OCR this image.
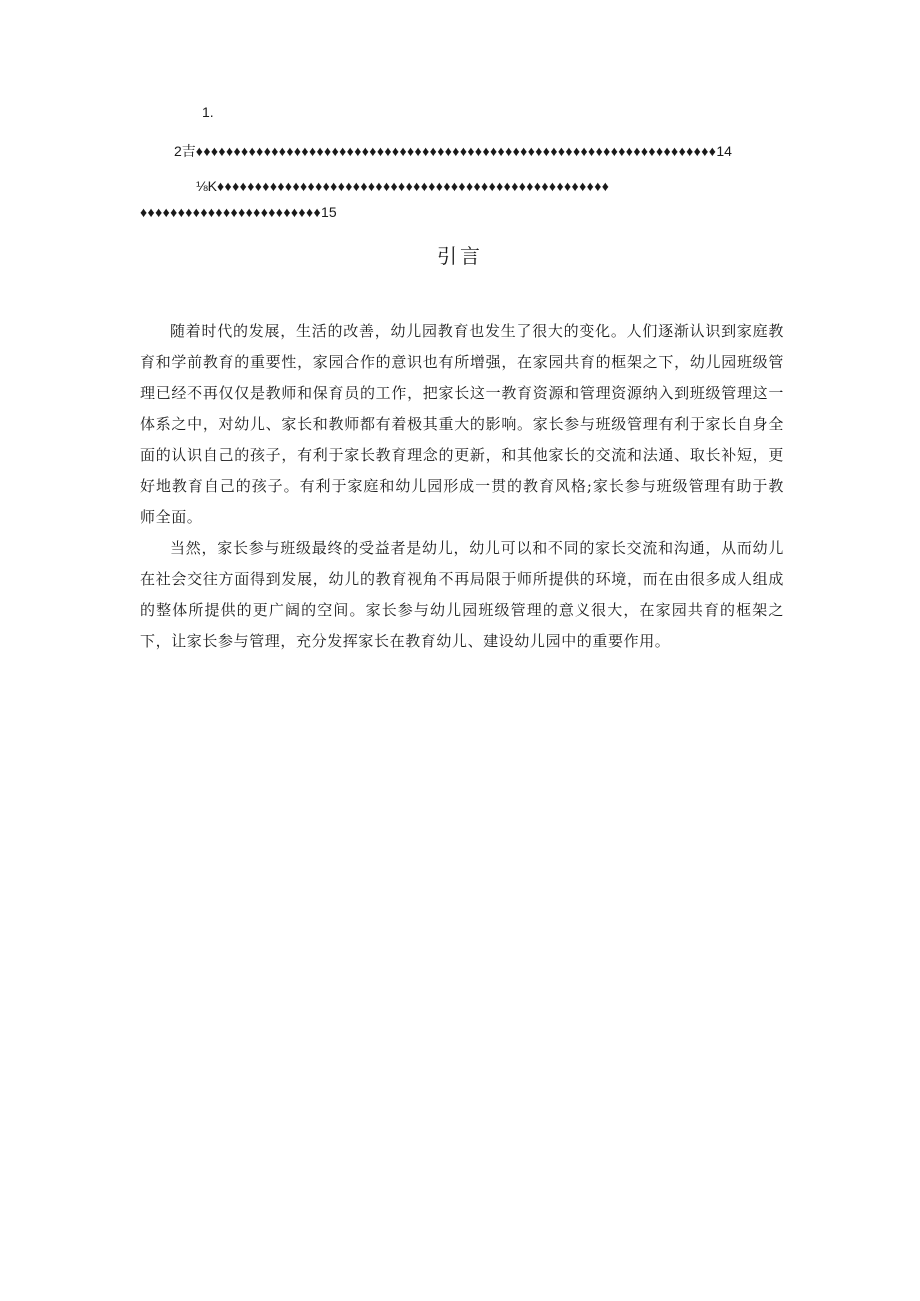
1.
2吉♦♦♦♦♦♦♦♦♦♦♦♦♦♦♦♦♦♦♦♦♦♦♦♦♦♦♦♦♦♦♦♦♦♦♦♦♦♦♦♦♦♦♦♦♦♦♦♦♦♦♦♦♦♦♦♦♦♦♦♦♦♦♦♦♦♦♦♦♦14
⅛K♦♦♦♦♦♦♦♦♦♦♦♦♦♦♦♦♦♦♦♦♦♦♦♦♦♦♦♦♦♦♦♦♦♦♦♦♦♦♦♦♦♦♦♦♦♦♦♦♦♦♦♦
♦♦♦♦♦♦♦♦♦♦♦♦♦♦♦♦♦♦♦♦♦♦♦♦15
引言

随着时代的发展，生活的改善，幼儿园教育也发生了很大的变化。人们逐渐认识到家庭教育和学前教育的重要性，家园合作的意识也有所增强，在家园共育的框架之下，幼儿园班级管理已经不再仅仅是教师和保育员的工作，把家长这一教育资源和管理资源纳入到班级管理这一体系之中，对幼儿、家长和教师都有着极其重大的影响。家长参与班级管理有利于家长自身全面的认识自己的孩子，有利于家长教育理念的更新，和其他家长的交流和法通、取长补短，更好地教育自己的孩子。有利于家庭和幼儿园形成一贯的教育风格;家长参与班级管理有助于教师全面。

当然，家长参与班级最终的受益者是幼儿，幼儿可以和不同的家长交流和沟通，从而幼儿在社会交往方面得到发展，幼儿的教育视角不再局限于师所提供的环境，而在由很多成人组成的整体所提供的更广阔的空间。家长参与幼儿园班级管理的意义很大，在家园共育的框架之下，让家长参与管理，充分发挥家长在教育幼儿、建设幼儿园中的重要作用。
